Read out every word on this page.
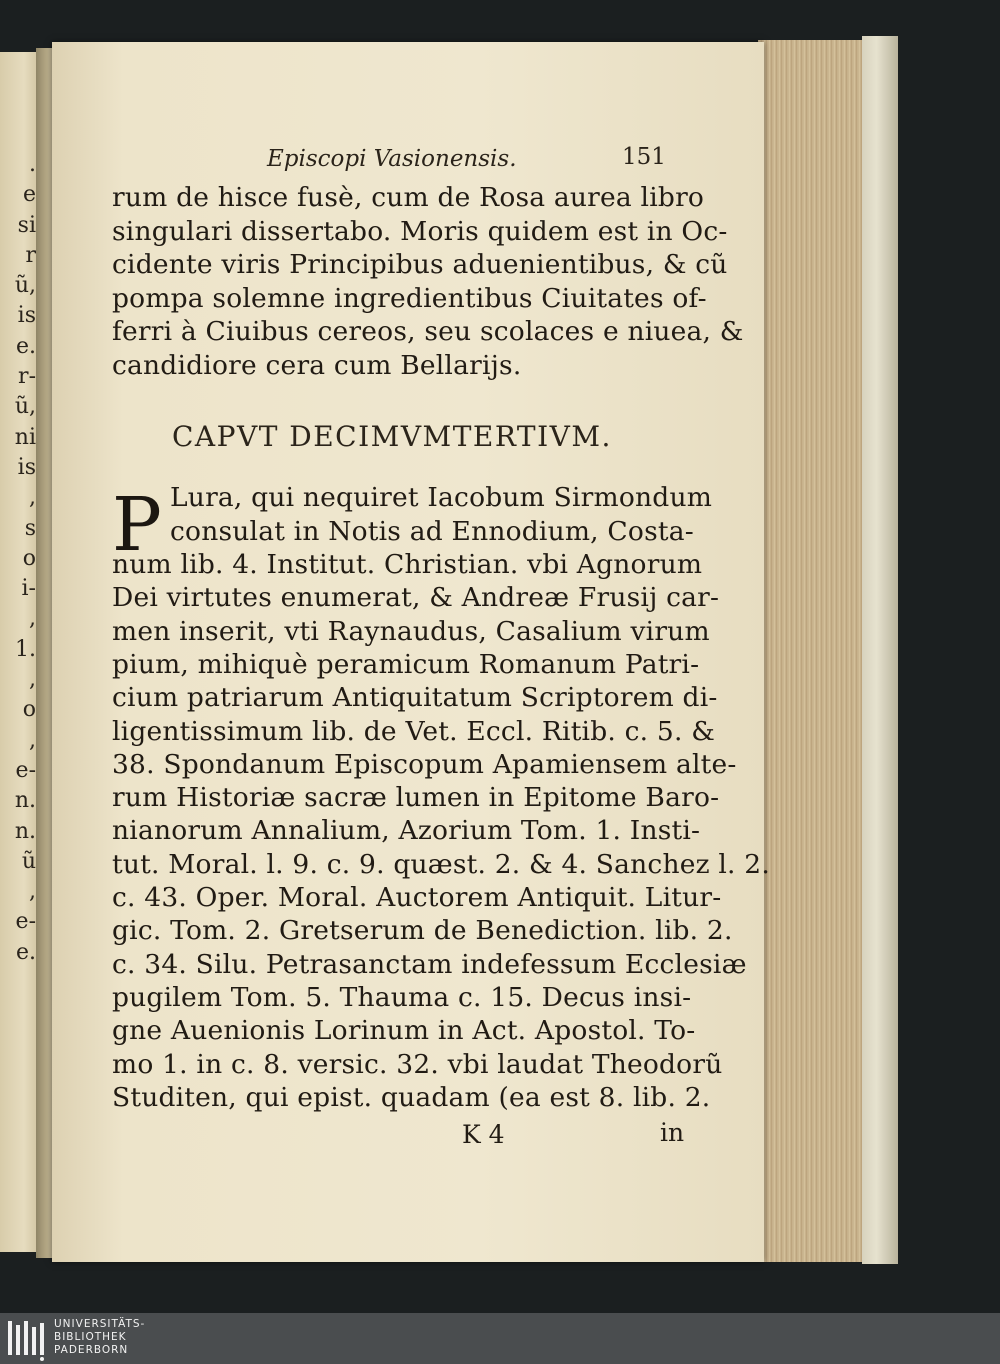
.
e
si
r
ũ,
is
e.
r-
ũ,
ni
is
,
s
o
i-
,
1.
,
o
,
e-
n.
n.
ũ
,
e-
e.
Episcopi Vasionensis.	151
rum de hisce fusè, cum de Rosa aurea libro
singulari dissertabo. Moris quidem est in Oc-
cidente viris Principibus aduenientibus, & cũ
pompa solemne ingredientibus Ciuitates of-
ferri à Ciuibus cereos, seu scolaces e niuea, &
candidiore cera cum Bellarijs.
CAPVT DECIMVMTERTIVM.
P Lura, qui nequiret Iacobum Sirmondum
consulat in Notis ad Ennodium, Costa-
num lib. 4. Institut. Christian. vbi Agnorum
Dei virtutes enumerat, & Andreæ Frusij car-
men inserit, vti Raynaudus, Casalium virum
pium, mihiquè peramicum Romanum Patri-
cium patriarum Antiquitatum Scriptorem di-
ligentissimum lib. de Vet. Eccl. Ritib. c. 5. &
38. Spondanum Episcopum Apamiensem alte-
rum Historiæ sacræ lumen in Epitome Baro-
nianorum Annalium, Azorium Tom. 1. Insti-
tut. Moral. l. 9. c. 9. quæst. 2. & 4. Sanchez l. 2.
c. 43. Oper. Moral. Auctorem Antiquit. Litur-
gic. Tom. 2. Gretserum de Benediction. lib. 2.
c. 34. Silu. Petrasanctam indefessum Ecclesiæ
pugilem Tom. 5. Thauma c. 15. Decus insi-
gne Auenionis Lorinum in Act. Apostol. To-
mo 1. in c. 8. versic. 32. vbi laudat Theodorũ
Studiten, qui epist. quadam (ea est 8. lib. 2.
K 4	in
UNIVERSITÄTS-
BIBLIOTHEK
PADERBORN
